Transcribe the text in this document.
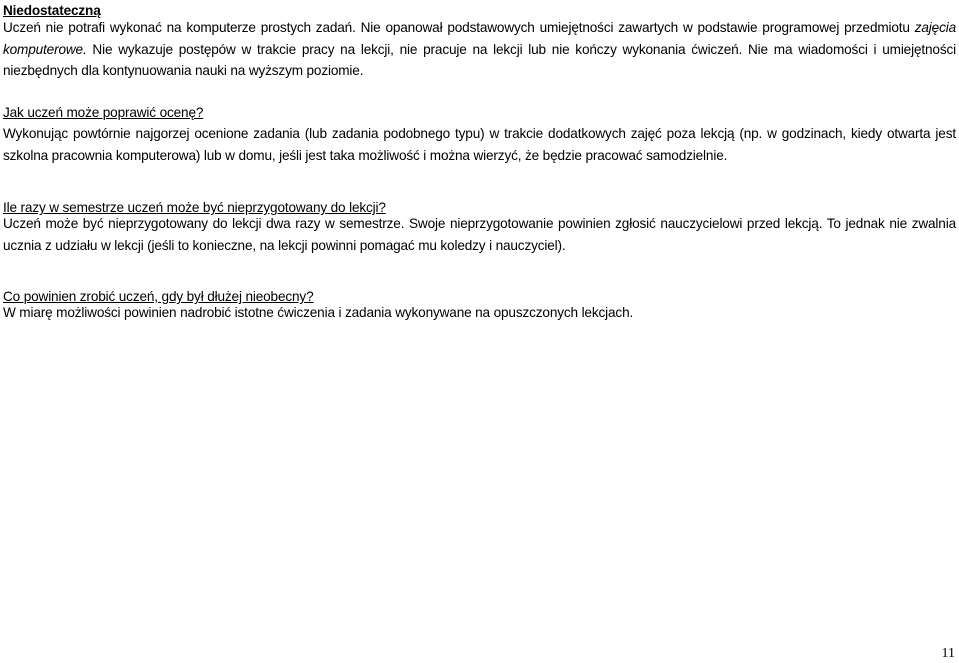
Niedostateczną

Uczeń nie potrafi wykonać na komputerze prostych zadań. Nie opanował podstawowych umiejętności zawartych w podstawie programowej przedmiotu zajęcia komputerowe. Nie wykazuje postępów w trakcie pracy na lekcji, nie pracuje na lekcji lub nie kończy wykonania ćwiczeń. Nie ma wiadomości i umiejętności niezbędnych dla kontynuowania nauki na wyższym poziomie.

Jak uczeń może poprawić ocenę?

Wykonując powtórnie najgorzej ocenione zadania (lub zadania podobnego typu) w trakcie dodatkowych zajęć poza lekcją (np. w godzinach, kiedy otwarta jest szkolna pracownia komputerowa) lub w domu, jeśli jest taka możliwość i można wierzyć, że będzie pracować samodzielnie.

Ile razy w semestrze uczeń może być nieprzygotowany do lekcji?

Uczeń może być nieprzygotowany do lekcji dwa razy w semestrze. Swoje nieprzygotowanie powinien zgłosić nauczycielowi przed lekcją. To jednak nie zwalnia ucznia z udziału w lekcji (jeśli to konieczne, na lekcji powinni pomagać mu koledzy i nauczyciel).

Co powinien zrobić uczeń, gdy był dłużej nieobecny?

W miarę możliwości powinien nadrobić istotne ćwiczenia i zadania wykonywane na opuszczonych lekcjach.

11
